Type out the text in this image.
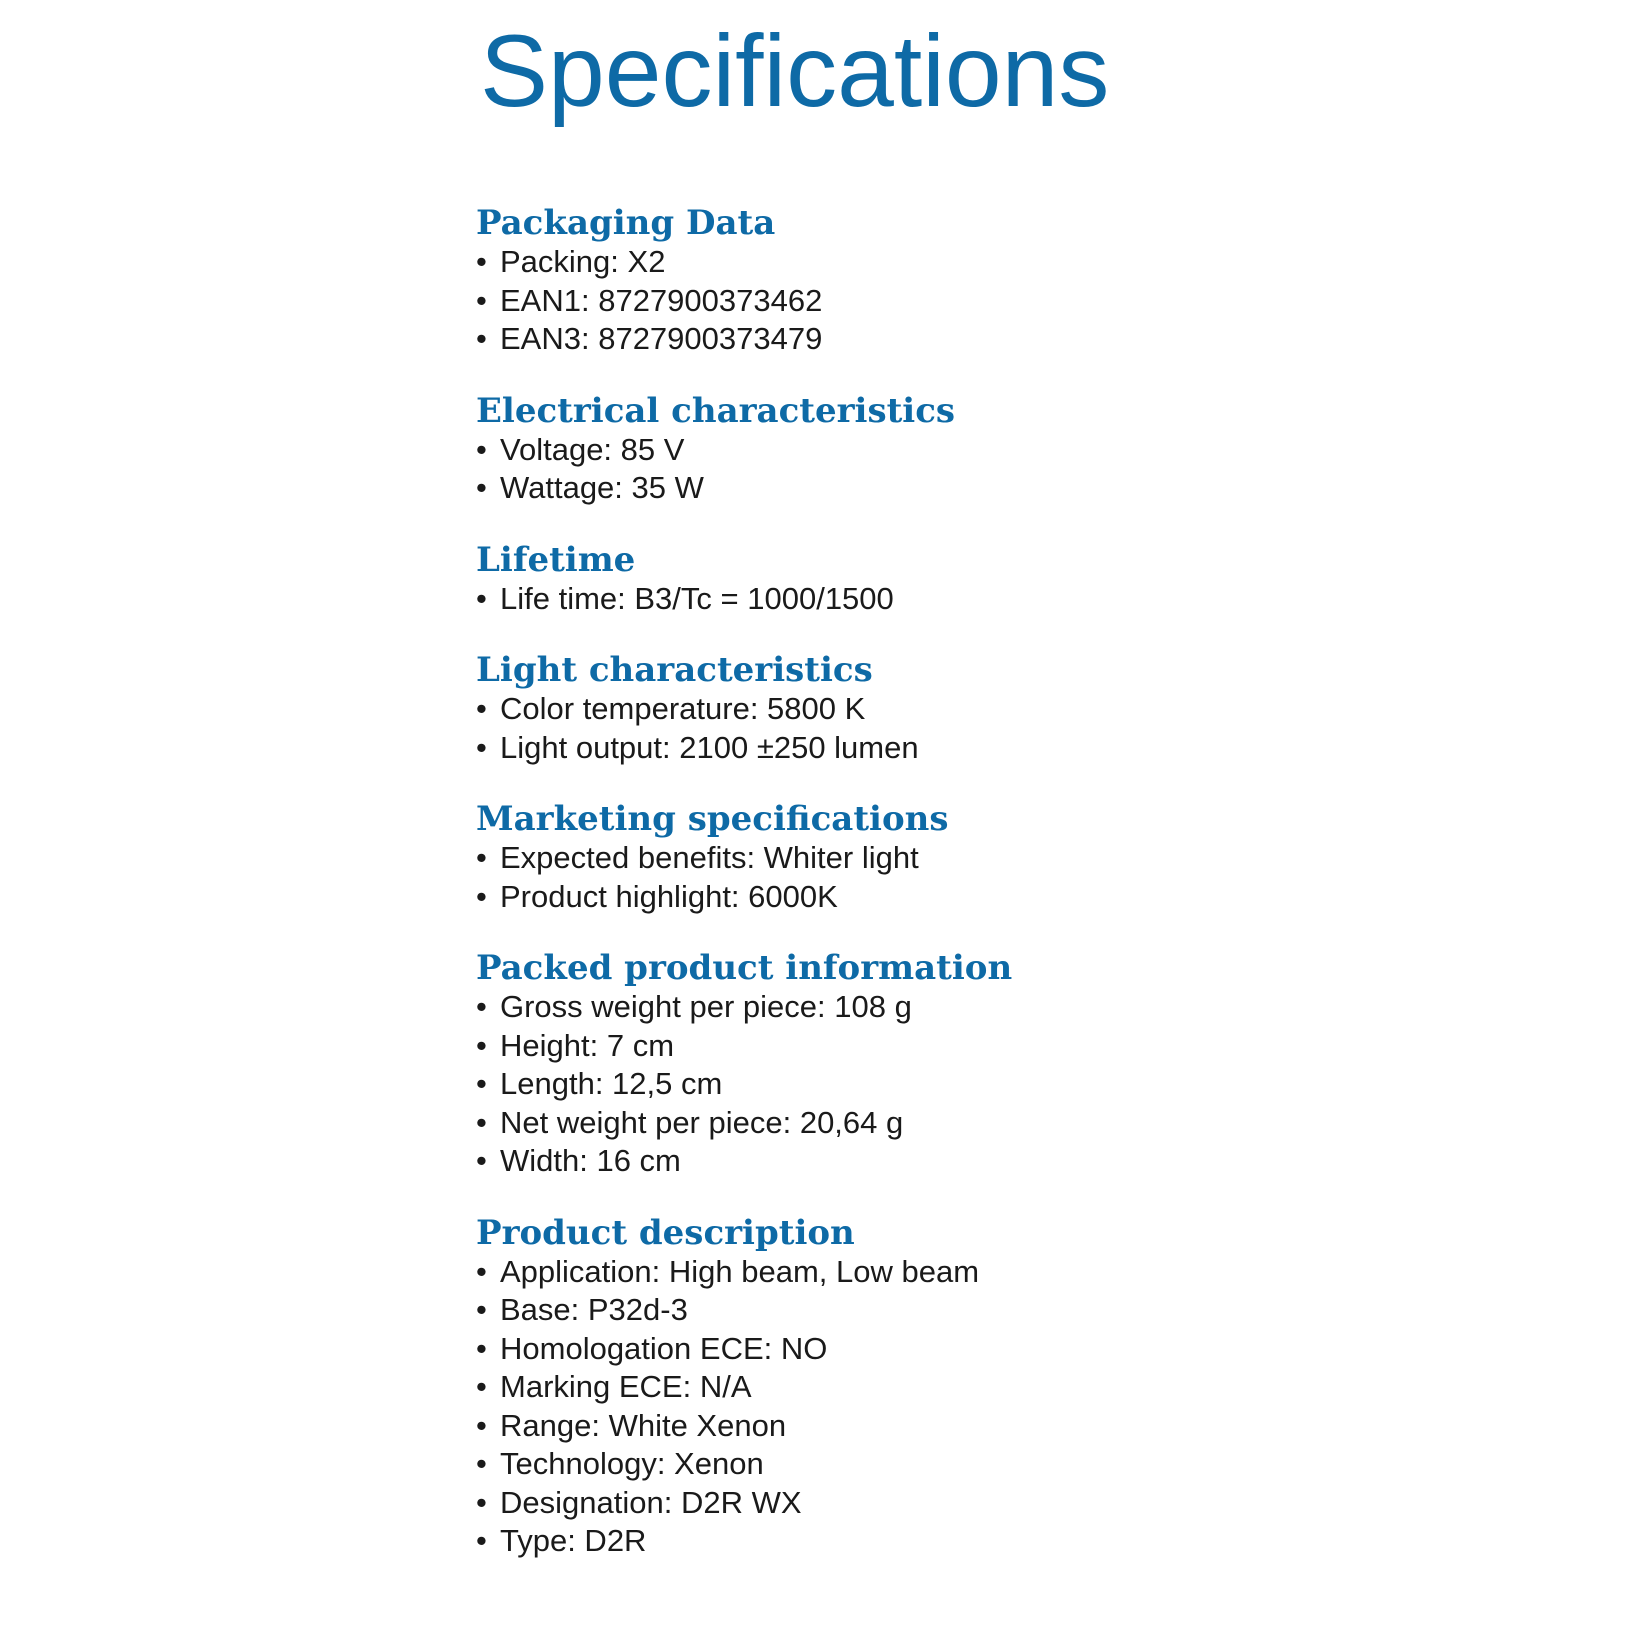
Specifications
Packaging Data
• Packing: X2
• EAN1: 8727900373462
• EAN3: 8727900373479
Electrical characteristics
• Voltage: 85 V
• Wattage: 35 W
Lifetime
• Life time: B3/Tc = 1000/1500
Light characteristics
• Color temperature: 5800 K
• Light output: 2100 ±250 lumen
Marketing specifications
• Expected benefits: Whiter light
• Product highlight: 6000K
Packed product information
• Gross weight per piece: 108 g
• Height: 7 cm
• Length: 12,5 cm
• Net weight per piece: 20,64 g
• Width: 16 cm
Product description
• Application: High beam, Low beam
• Base: P32d-3
• Homologation ECE: NO
• Marking ECE: N/A
• Range: White Xenon
• Technology: Xenon
• Designation: D2R WX
• Type: D2R
